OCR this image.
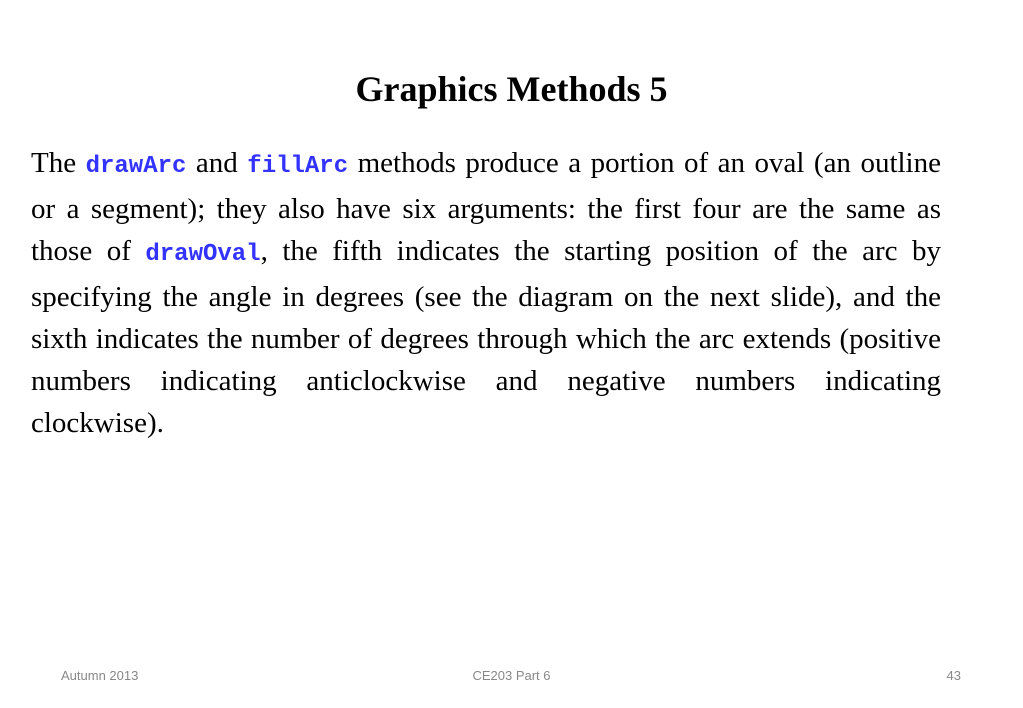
Graphics Methods 5

The drawArc and fillArc methods produce a portion of an oval (an outline or a segment); they also have six arguments: the first four are the same as those of drawOval, the fifth indicates the starting position of the arc by specifying the angle in degrees (see the diagram on the next slide), and the sixth indicates the number of degrees through which the arc extends (positive numbers indicating anticlockwise and negative numbers indicating clockwise).

Autumn 2013	CE203 Part 6	43
